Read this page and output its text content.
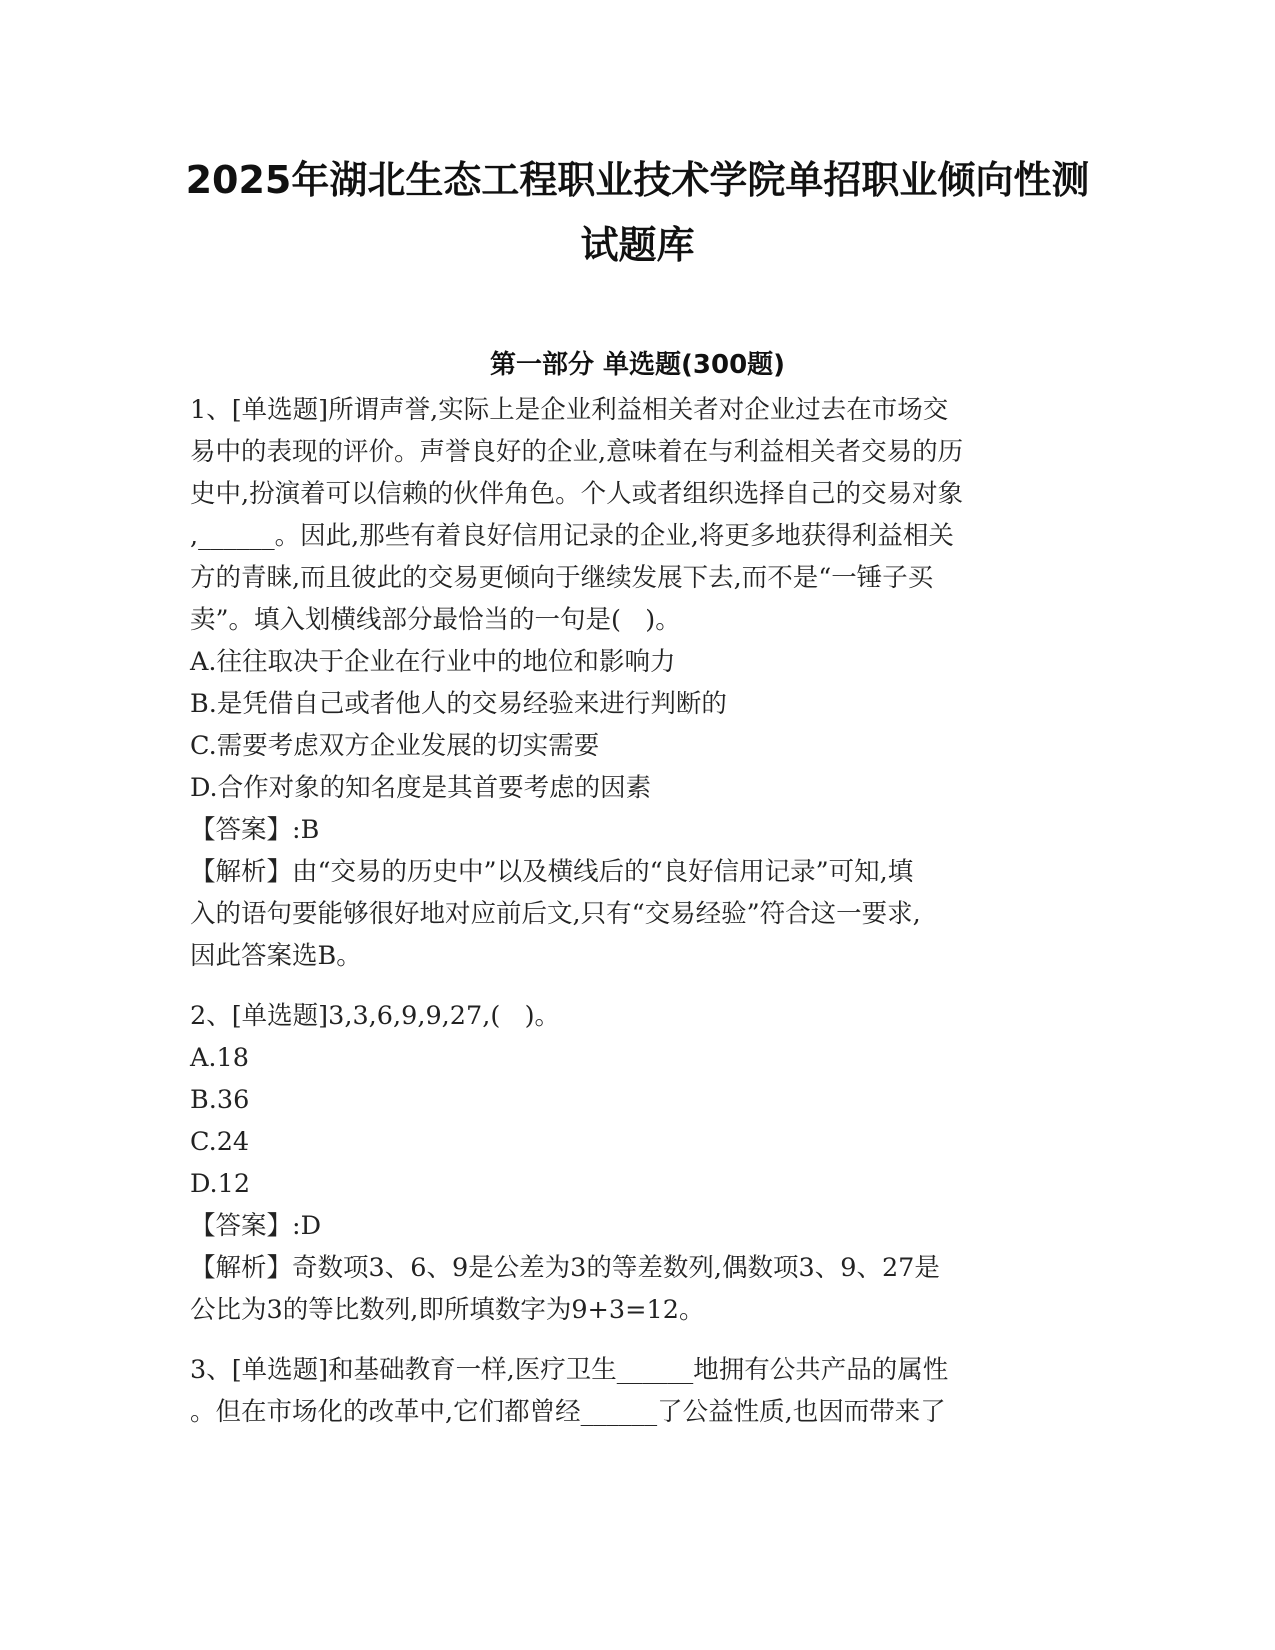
2025年湖北生态工程职业技术学院单招职业倾向性测
试题库
第一部分 单选题(300题)
1、[单选题]所谓声誉,实际上是企业利益相关者对企业过去在市场交
易中的表现的评价。声誉良好的企业,意味着在与利益相关者交易的历
史中,扮演着可以信赖的伙伴角色。个人或者组织选择自己的交易对象
,______。因此,那些有着良好信用记录的企业,将更多地获得利益相关
方的青睐,而且彼此的交易更倾向于继续发展下去,而不是“一锤子买
卖”。填入划横线部分最恰当的一句是(   )。
A.往往取决于企业在行业中的地位和影响力
B.是凭借自己或者他人的交易经验来进行判断的
C.需要考虑双方企业发展的切实需要
D.合作对象的知名度是其首要考虑的因素
【答案】:B
【解析】由“交易的历史中”以及横线后的“良好信用记录”可知,填
入的语句要能够很好地对应前后文,只有“交易经验”符合这一要求,
因此答案选B。
2、[单选题]3,3,6,9,9,27,(   )。
A.18
B.36
C.24
D.12
【答案】:D
【解析】奇数项3、6、9是公差为3的等差数列,偶数项3、9、27是
公比为3的等比数列,即所填数字为9+3=12。
3、[单选题]和基础教育一样,医疗卫生______地拥有公共产品的属性
。但在市场化的改革中,它们都曾经______了公益性质,也因而带来了
